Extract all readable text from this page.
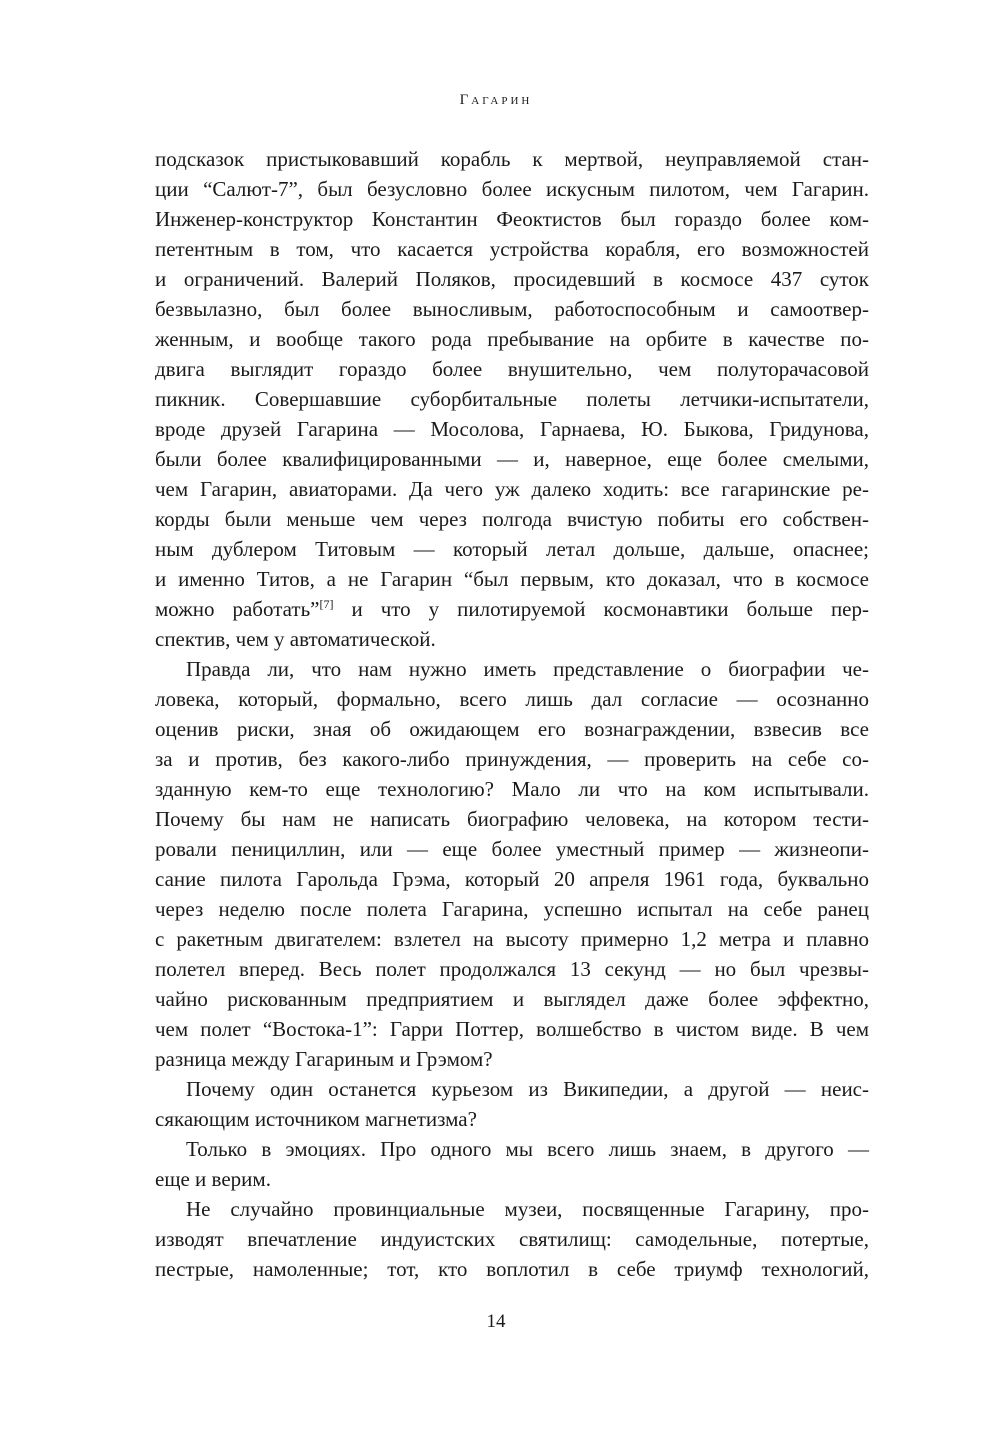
Гагарин
подсказок пристыковавший корабль к мертвой, неуправляемой стан-
ции “Салют-7”, был безусловно более искусным пилотом, чем Гагарин.
Инженер-конструктор Константин Феоктистов был гораздо более ком-
петентным в том, что касается устройства корабля, его возможностей
и ограничений. Валерий Поляков, просидевший в космосе 437 суток
безвылазно, был более выносливым, работоспособным и самоотвер-
женным, и вообще такого рода пребывание на орбите в качестве по-
двига выглядит гораздо более внушительно, чем полуторачасовой
пикник. Совершавшие суборбитальные полеты летчики-испытатели,
вроде друзей Гагарина — Мосолова, Гарнаева, Ю. Быкова, Гридунова,
были более квалифицированными — и, наверное, еще более смелыми,
чем Гагарин, авиаторами. Да чего уж далеко ходить: все гагаринские ре-
корды были меньше чем через полгода вчистую побиты его собствен-
ным дублером Титовым — который летал дольше, дальше, опаснее;
и именно Титов, а не Гагарин “был первым, кто доказал, что в космосе
можно работать”[7] и что у пилотируемой космонавтики больше пер-
спектив, чем у автоматической.
Правда ли, что нам нужно иметь представление о биографии че-
ловека, который, формально, всего лишь дал согласие — осознанно
оценив риски, зная об ожидающем его вознаграждении, взвесив все
за и против, без какого-либо принуждения, — проверить на себе со-
зданную кем-то еще технологию? Мало ли что на ком испытывали.
Почему бы нам не написать биографию человека, на котором тести-
ровали пенициллин, или — еще более уместный пример — жизнеопи-
сание пилота Гарольда Грэма, который 20 апреля 1961 года, буквально
через неделю после полета Гагарина, успешно испытал на себе ранец
с ракетным двигателем: взлетел на высоту примерно 1,2 метра и плавно
полетел вперед. Весь полет продолжался 13 секунд — но был чрезвы-
чайно рискованным предприятием и выглядел даже более эффектно,
чем полет “Востока-1”: Гарри Поттер, волшебство в чистом виде. В чем
разница между Гагариным и Грэмом?
Почему один останется курьезом из Википедии, а другой — неис-
сякающим источником магнетизма?
Только в эмоциях. Про одного мы всего лишь знаем, в другого —
еще и верим.
Не случайно провинциальные музеи, посвященные Гагарину, про-
изводят впечатление индуистских святилищ: самодельные, потертые,
пестрые, намоленные; тот, кто воплотил в себе триумф технологий,
14
